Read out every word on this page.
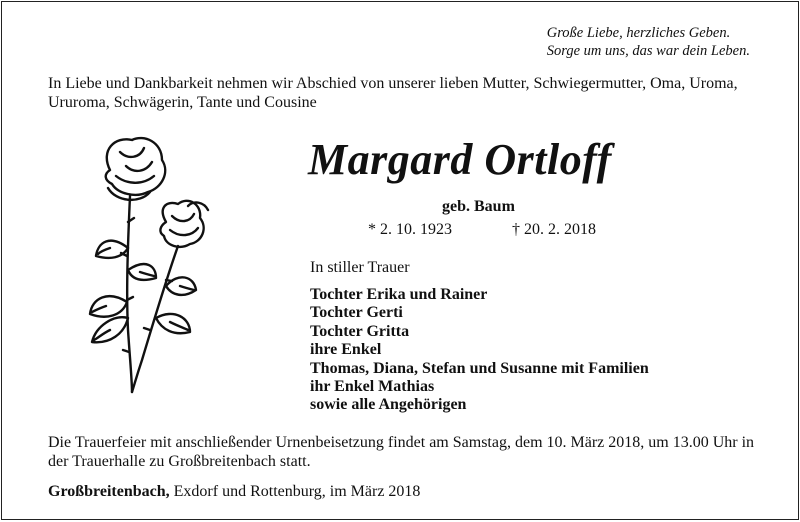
Große Liebe, herzliches Geben.
Sorge um uns, das war dein Leben.
In Liebe und Dankbarkeit nehmen wir Abschied von unserer lieben Mutter, Schwiegermutter, Oma, Uroma, Ururoma, Schwägerin, Tante und Cousine
Margard Ortloff
geb. Baum
* 2. 10. 1923	† 20. 2. 2018
In stiller Trauer
Tochter Erika und Rainer
Tochter Gerti
Tochter Gritta
ihre Enkel
Thomas, Diana, Stefan und Susanne mit Familien
ihr Enkel Mathias
sowie alle Angehörigen
Die Trauerfeier mit anschließender Urnenbeisetzung findet am Samstag, dem 10. März 2018, um 13.00 Uhr in der Trauerhalle zu Großbreitenbach statt.
Großbreitenbach, Exdorf und Rottenburg, im März 2018
